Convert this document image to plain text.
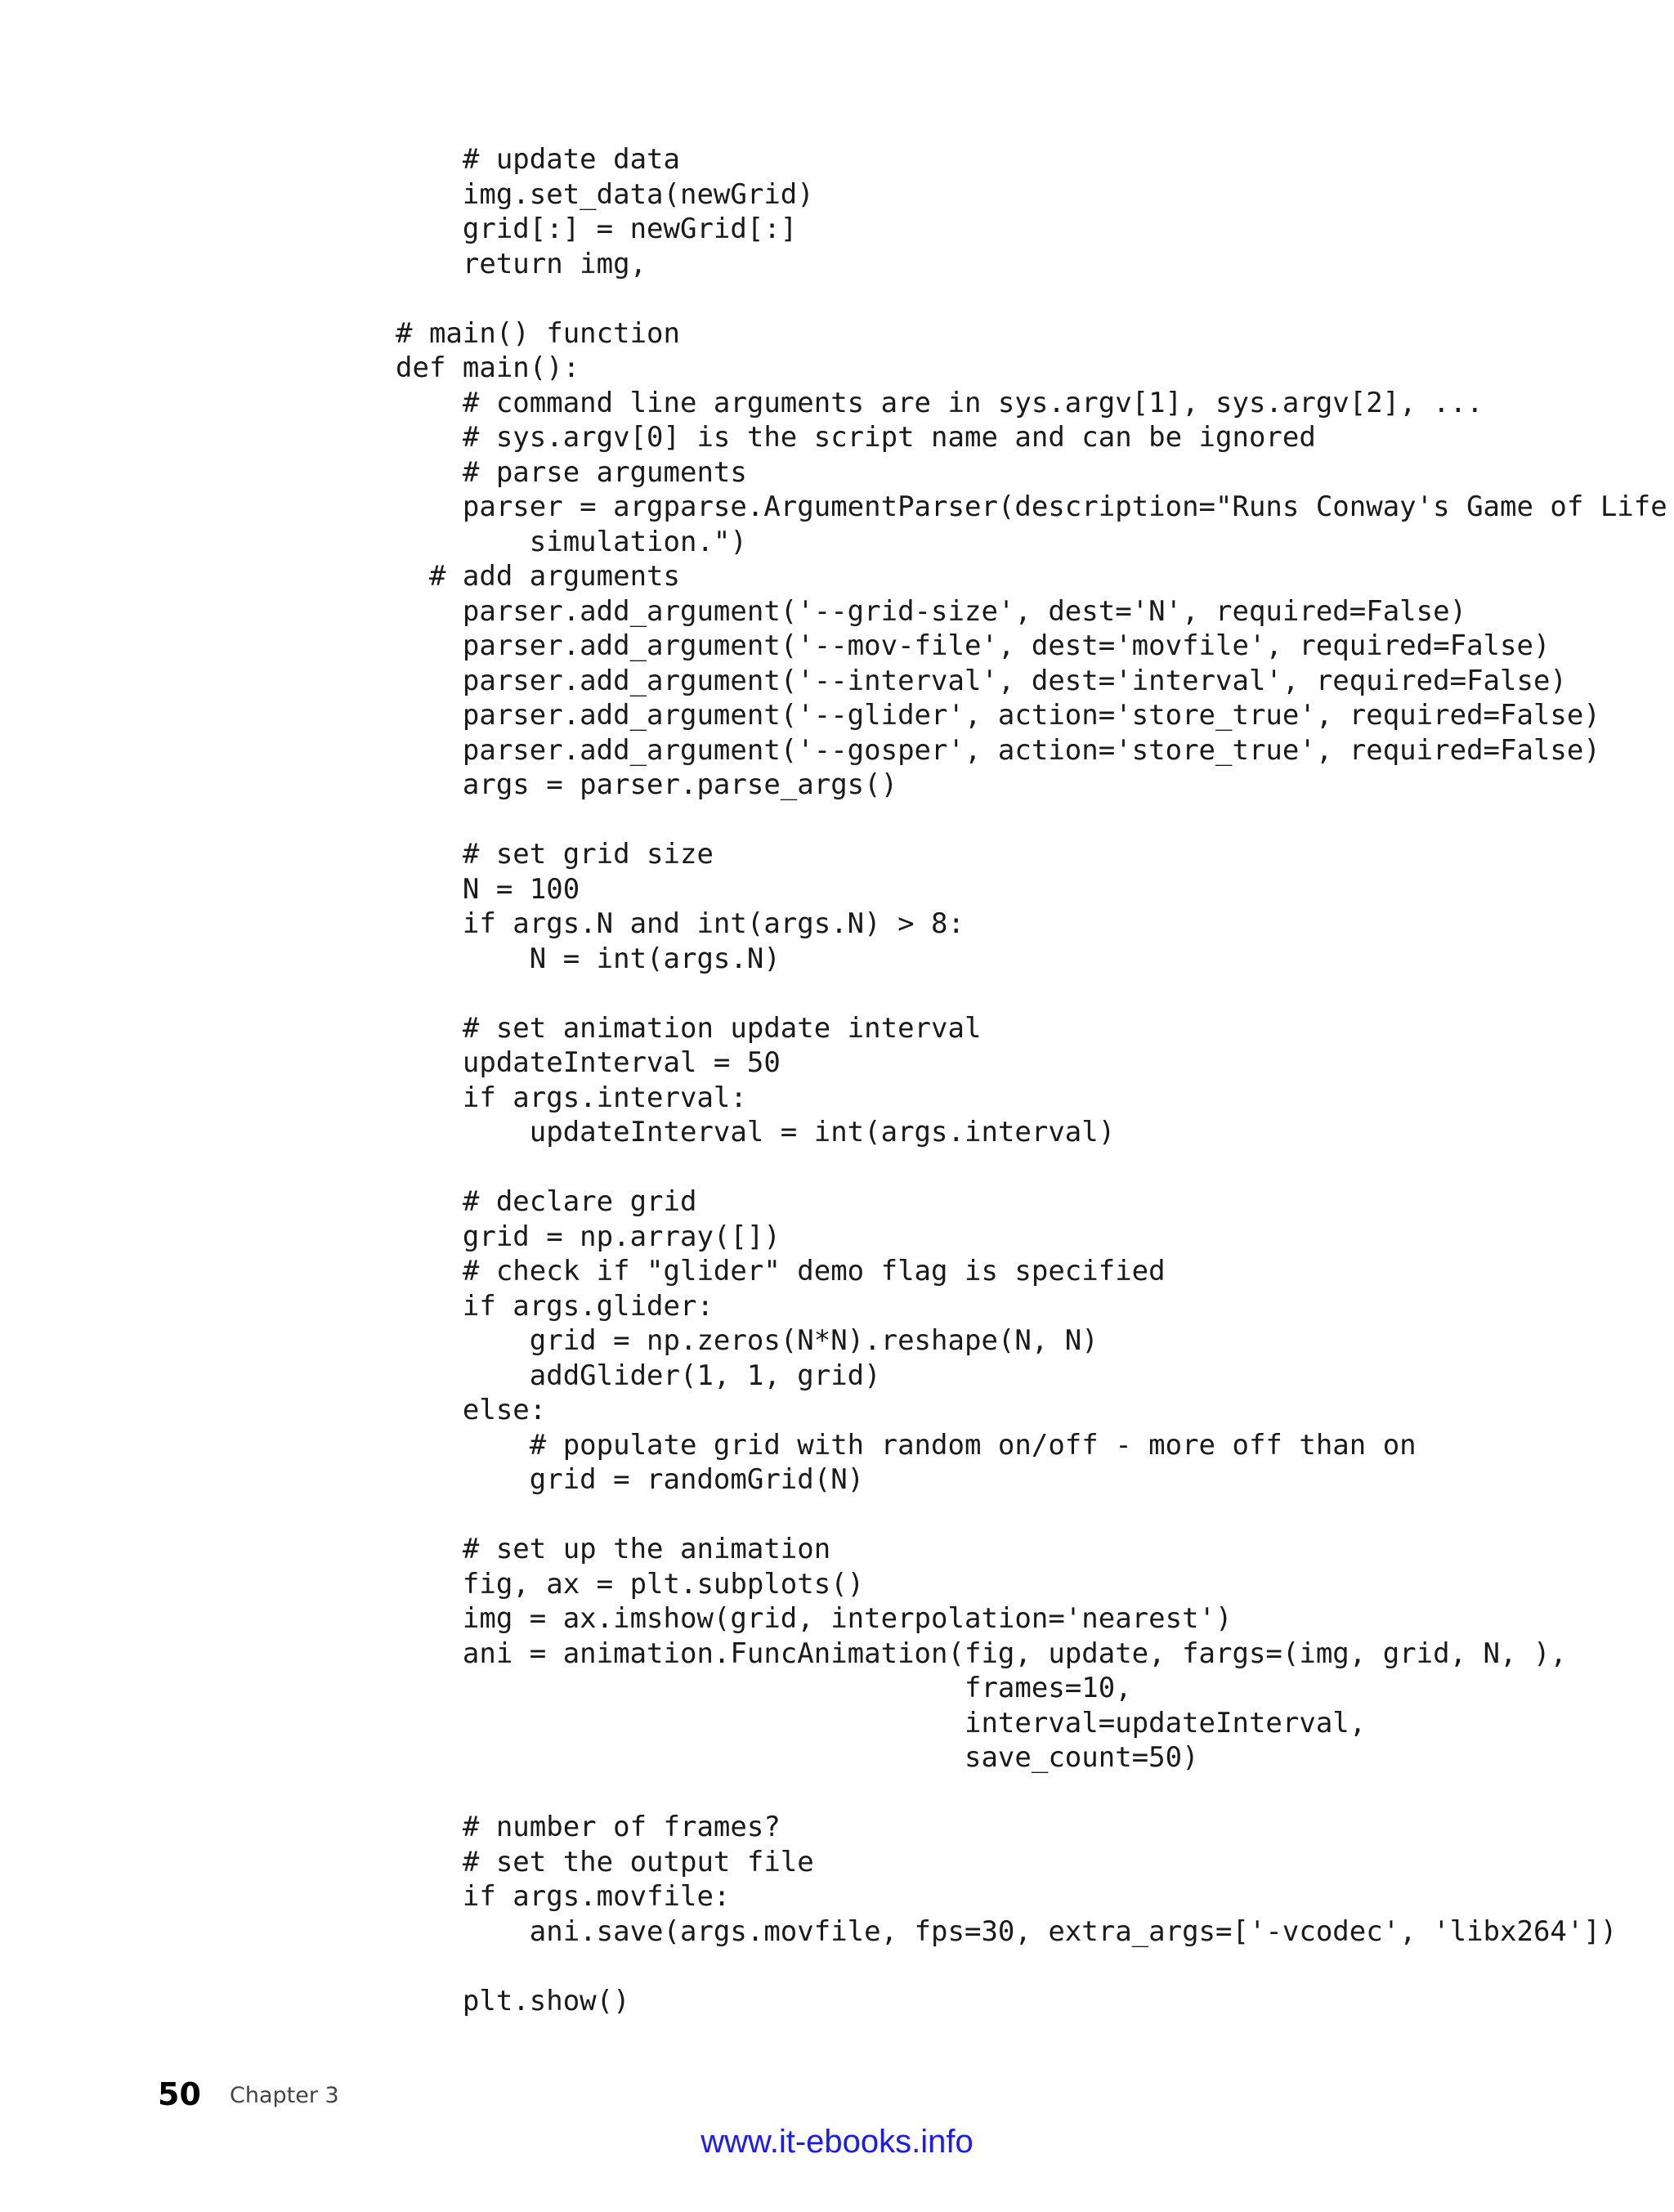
# update data
img.set_data(newGrid)
grid[:] = newGrid[:]
return img,
# main() function
def main():
# command line arguments are in sys.argv[1], sys.argv[2], ...
# sys.argv[0] is the script name and can be ignored
# parse arguments
parser = argparse.ArgumentParser(description="Runs Conway's Game of Life
simulation.")
# add arguments
parser.add_argument('--grid-size', dest='N', required=False)
parser.add_argument('--mov-file', dest='movfile', required=False)
parser.add_argument('--interval', dest='interval', required=False)
parser.add_argument('--glider', action='store_true', required=False)
parser.add_argument('--gosper', action='store_true', required=False)
args = parser.parse_args()
# set grid size
N = 100
if args.N and int(args.N) > 8:
N = int(args.N)
# set animation update interval
updateInterval = 50
if args.interval:
updateInterval = int(args.interval)
# declare grid
grid = np.array([])
# check if "glider" demo flag is specified
if args.glider:
grid = np.zeros(N*N).reshape(N, N)
addGlider(1, 1, grid)
else:
# populate grid with random on/off - more off than on
grid = randomGrid(N)
# set up the animation
fig, ax = plt.subplots()
img = ax.imshow(grid, interpolation='nearest')
ani = animation.FuncAnimation(fig, update, fargs=(img, grid, N, ),
frames=10,
interval=updateInterval,
save_count=50)
# number of frames?
# set the output file
if args.movfile:
ani.save(args.movfile, fps=30, extra_args=['-vcodec', 'libx264'])
plt.show()
50 Chapter 3
www.it-ebooks.info
